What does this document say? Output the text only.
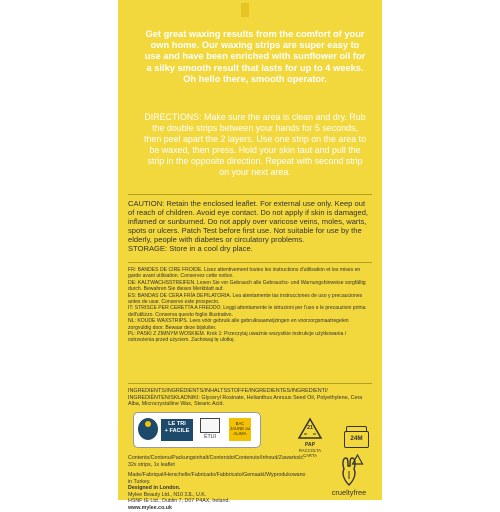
Get great waxing results from the comfort of your own home. Our waxing strips are super easy to use and have been enriched with sunflower oil for a silky smooth result that lasts for up to 4 weeks. Oh hello there, smooth operator.

DIRECTIONS: Make sure the area is clean and dry. Rub the double strips between your hands for 5 seconds, then peel apart the 2 layers. Use one strip on the area to be waxed, then press. Hold your skin taut and pull the strip in the opposite direction. Repeat with second strip on your next area.

CAUTION: Retain the enclosed leaflet. For external use only. Keep out of reach of children. Avoid eye contact. Do not apply if skin is damaged, inflamed or sunburned. Do not apply over varicose veins, moles, warts, spots or ulcers. Patch Test before first use. Not suitable for use by the elderly, people with diabetes or circulatory problems.
STORAGE: Store in a cool dry place.

FR: BANDES DE CIRE FROIDE. Lisez attentivement toutes les instructions d'utilisation et les mises en garde avant utilisation. Conservez cette notice.

DE: KALTWACHSSTREIFEN. Lesen Sie vor Gebrauch alle Gebrauchs- und Warnungshinweise sorgfältig durch. Bewahren Sie dieses Merkblatt auf.

ES: BANDAS DE CERA FRÍA DEPILATORIA. Lea atentamente las instrucciones de uso y precauciones antes de usar. Conserve este prospecto.

IT: STRISCE PER CERETTA A FREDDO. Leggi attentamente le istruzioni per l'uso e le precauzioni prima dell'utilizzo. Conserva questo foglio illustrativo.

NL: KOUDE WAXSTRIPS. Lees vóór gebruik alle gebruiksaanwijzingen en voorzorgsmaatregelen zorgvuldig door. Bewaar deze bijsluiter.

PL: PASKI Z ZIMNYM WOSKIEM. Krok 1: Przeczytaj uważnie wszystkie instrukcje użytkowania i ostrzeżenia przed użyciem. Zachowaj tę ulotkę.

INGREDIENTS/INGRÉDIENTS/INHALTSSTOFFE/INGREDIENTES/INGREDIENTI/

INGREDIËNTEN/SKŁADNIKI: Glyceryl Rosinate, Helianthus Annuus Seed Oil, Polyethylene, Cera Alba, Microcrystalline Wax, Stearic Acid.

LE TRI
+ FACILE
ÉTUI
BAC JAUNE ou ALIMA
21
PAP
RACCOLTA CARTA
24M
Contents/Contenu/Packungsinhalt/Contenido/Contenuto/Inhoud/Zawartość: 32x strips, 1x leaflet

Made/Fabriqué/Herschelle/Fabricado/Fabbricato/Gemaakt/Wyprodukowano in Turkey.

Designed in London.

Mylee Beauty Ltd., N10 2JL, U.K.

HSNF IE Ltd., Dublin 7, D07 P4AX, Ireland.

www.mylee.co.uk

crueltyfree
